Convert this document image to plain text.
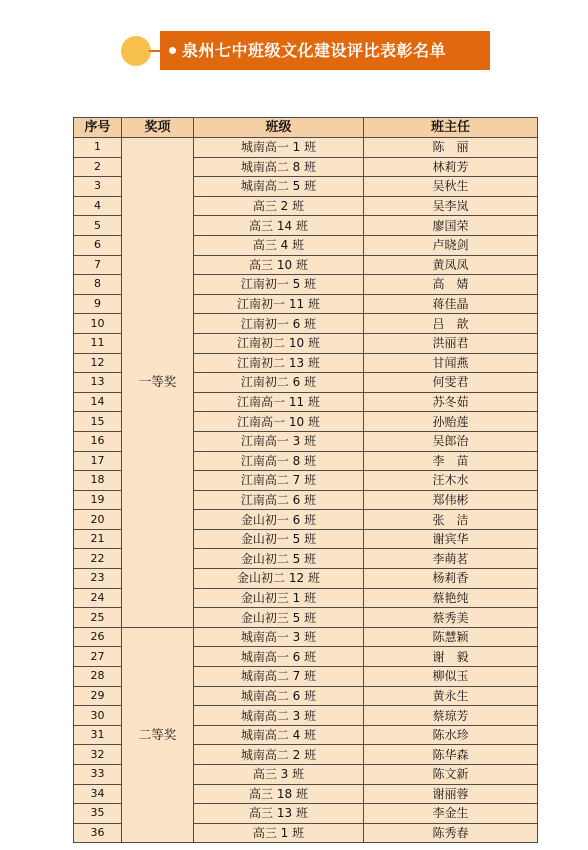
泉州七中班级文化建设评比表彰名单
序号	奖项	班级	班主任
1	一等奖	城南高一 1 班	陈　丽
2		城南高二 8 班	林莉芳
3		城南高二 5 班	吴秋生
4		高三 2 班	吴李岚
5		高三 14 班	廖国荣
6		高三 4 班	卢晓剑
7		高三 10 班	黄凤凤
8		江南初一 5 班	高　婧
9		江南初一 11 班	蒋佳晶
10		江南初一 6 班	吕　歆
11		江南初二 10 班	洪丽君
12		江南初二 13 班	甘闻燕
13		江南初二 6 班	何雯君
14		江南高一 11 班	苏冬茹
15		江南高一 10 班	孙贻莲
16		江南高一 3 班	吴郎治
17		江南高一 8 班	李　苗
18		江南高二 7 班	汪木水
19		江南高二 6 班	郑伟彬
20		金山初一 6 班	张　洁
21		金山初一 5 班	谢宾华
22		金山初二 5 班	李萌茗
23		金山初二 12 班	杨莉香
24		金山初三 1 班	蔡艳纯
25		金山初三 5 班	蔡秀美
26	二等奖	城南高一 3 班	陈慧颖
27		城南高一 6 班	谢　毅
28		城南高二 7 班	柳似玉
29		城南高二 6 班	黄永生
30		城南高二 3 班	蔡琼芳
31		城南高二 4 班	陈水珍
32		城南高二 2 班	陈华森
33		高三 3 班	陈文新
34		高三 18 班	谢丽蓉
35		高三 13 班	李金生
36		高三 1 班	陈秀春
